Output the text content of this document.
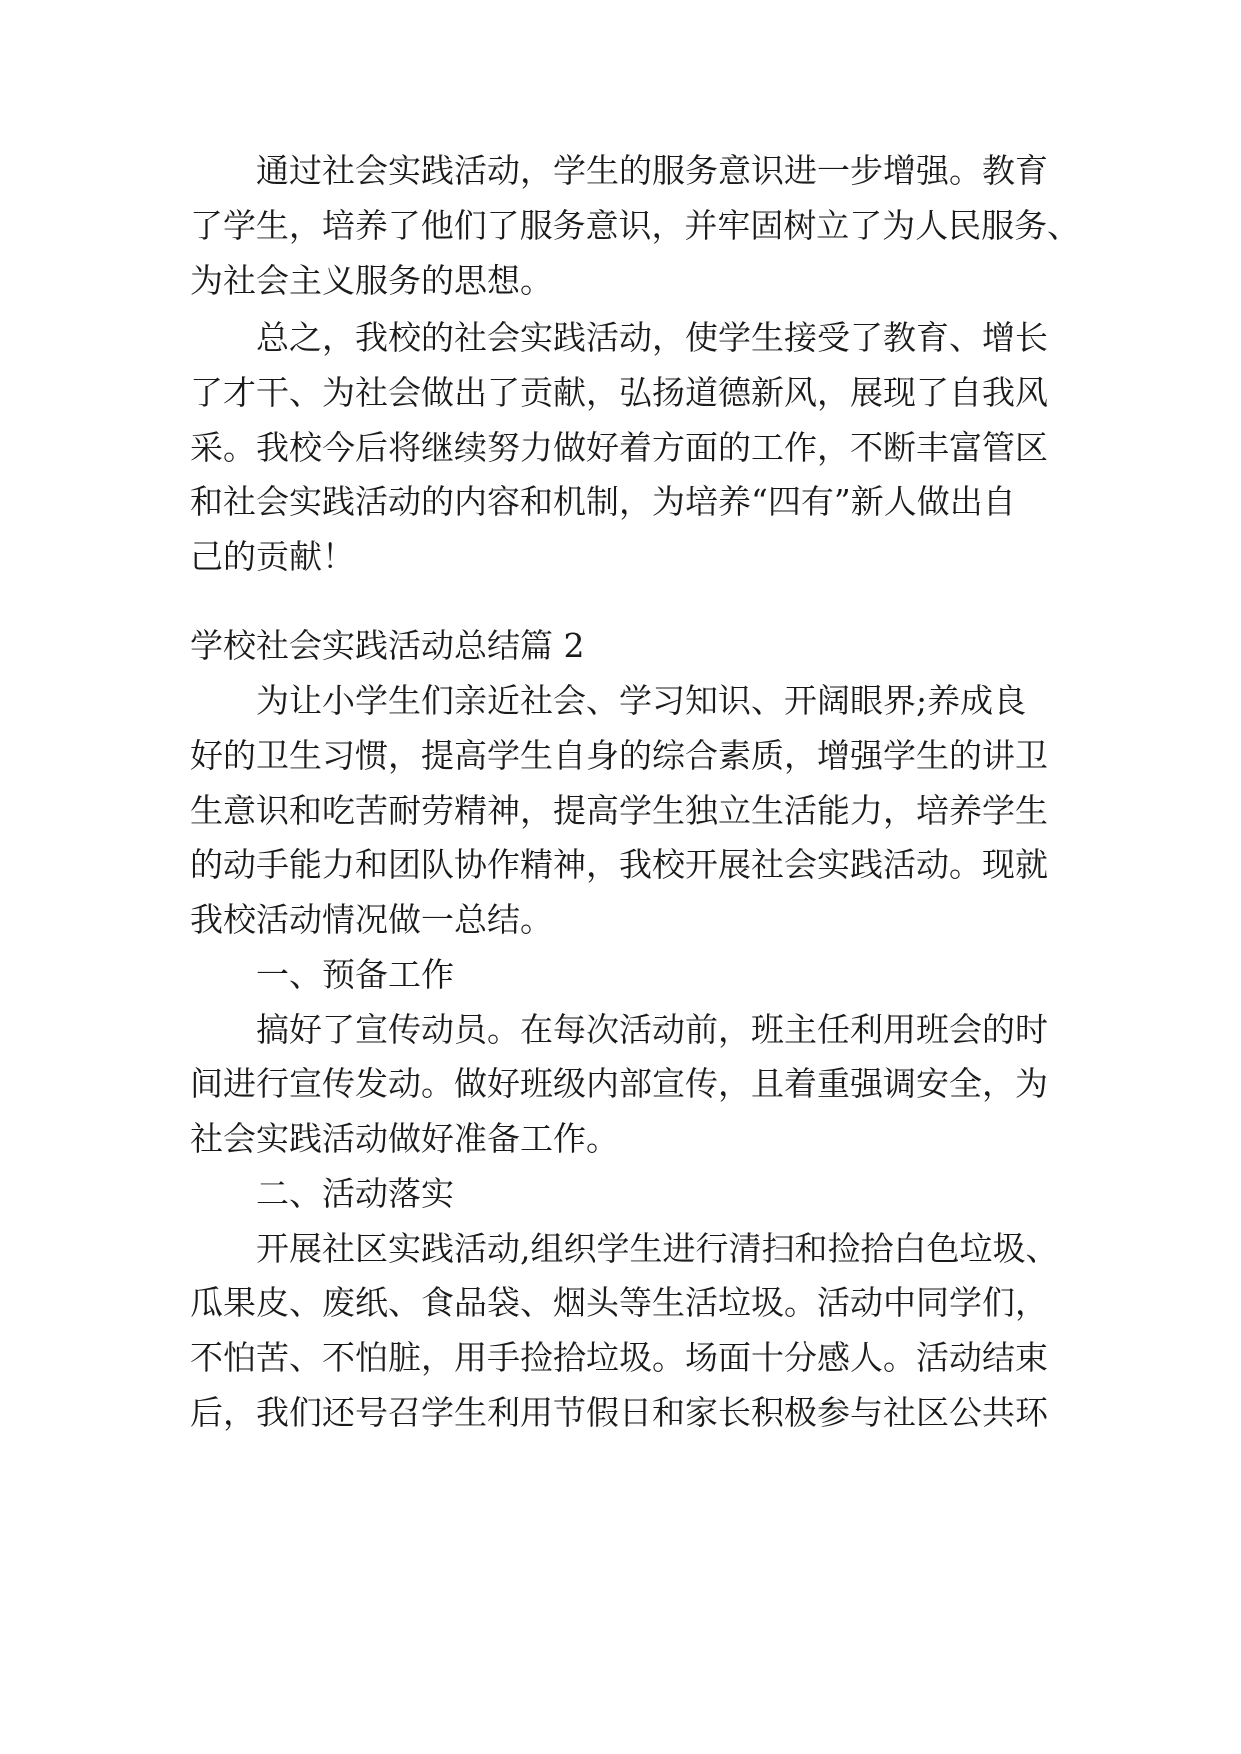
通过社会实践活动，学生的服务意识进一步增强。教育

了学生，培养了他们了服务意识，并牢固树立了为人民服务、

为社会主义服务的思想。

总之，我校的社会实践活动，使学生接受了教育、增长

了才干、为社会做出了贡献，弘扬道德新风，展现了自我风

采。我校今后将继续努力做好着方面的工作，不断丰富管区

和社会实践活动的内容和机制，为培养“四有”新人做出自

己的贡献！

学校社会实践活动总结篇 2

为让小学生们亲近社会、学习知识、开阔眼界;养成良

好的卫生习惯，提高学生自身的综合素质，增强学生的讲卫

生意识和吃苦耐劳精神，提高学生独立生活能力，培养学生

的动手能力和团队协作精神，我校开展社会实践活动。现就

我校活动情况做一总结。

一、预备工作

搞好了宣传动员。在每次活动前，班主任利用班会的时

间进行宣传发动。做好班级内部宣传，且着重强调安全，为

社会实践活动做好准备工作。

二、活动落实

开展社区实践活动,组织学生进行清扫和捡拾白色垃圾、

瓜果皮、废纸、食品袋、烟头等生活垃圾。活动中同学们，

不怕苦、不怕脏，用手捡拾垃圾。场面十分感人。活动结束

后，我们还号召学生利用节假日和家长积极参与社区公共环
